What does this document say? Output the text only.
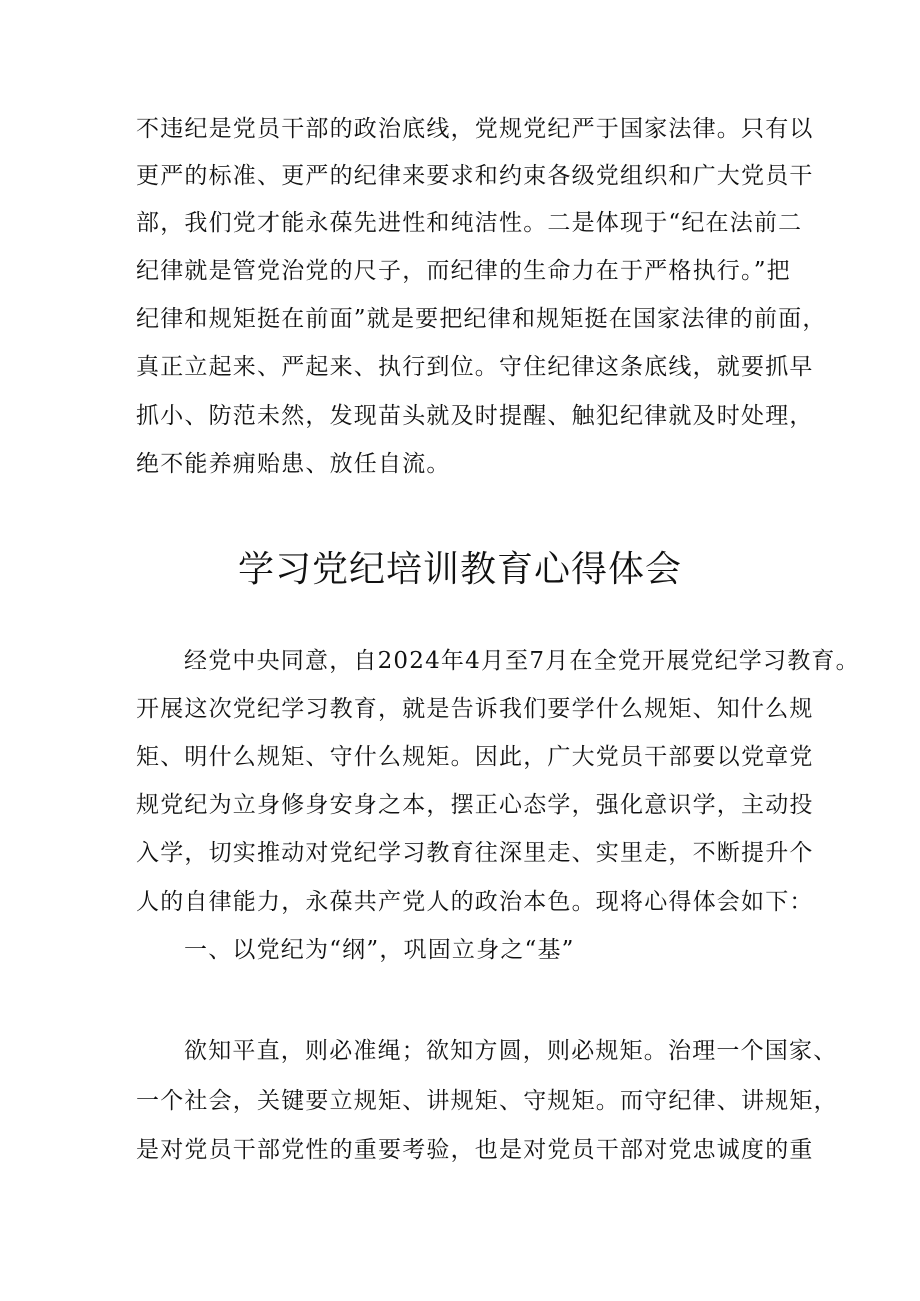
不违纪是党员干部的政治底线，党规党纪严于国家法律。只有以
更严的标准、更严的纪律来要求和约束各级党组织和广大党员干
部，我们党才能永葆先进性和纯洁性。二是体现于“纪在法前二
纪律就是管党治党的尺子，而纪律的生命力在于严格执行。”把
纪律和规矩挺在前面”就是要把纪律和规矩挺在国家法律的前面，
真正立起来、严起来、执行到位。守住纪律这条底线，就要抓早
抓小、防范未然，发现苗头就及时提醒、触犯纪律就及时处理，
绝不能养痈贻患、放任自流。
学习党纪培训教育心得体会
经党中央同意，自2024年4月至7月在全党开展党纪学习教育。
开展这次党纪学习教育，就是告诉我们要学什么规矩、知什么规
矩、明什么规矩、守什么规矩。因此，广大党员干部要以党章党
规党纪为立身修身安身之本，摆正心态学，强化意识学，主动投
入学，切实推动对党纪学习教育往深里走、实里走，不断提升个
人的自律能力，永葆共产党人的政治本色。现将心得体会如下：
一、以党纪为“纲”，巩固立身之“基”
欲知平直，则必准绳；欲知方圆，则必规矩。治理一个国家、
一个社会，关键要立规矩、讲规矩、守规矩。而守纪律、讲规矩，
是对党员干部党性的重要考验，也是对党员干部对党忠诚度的重
